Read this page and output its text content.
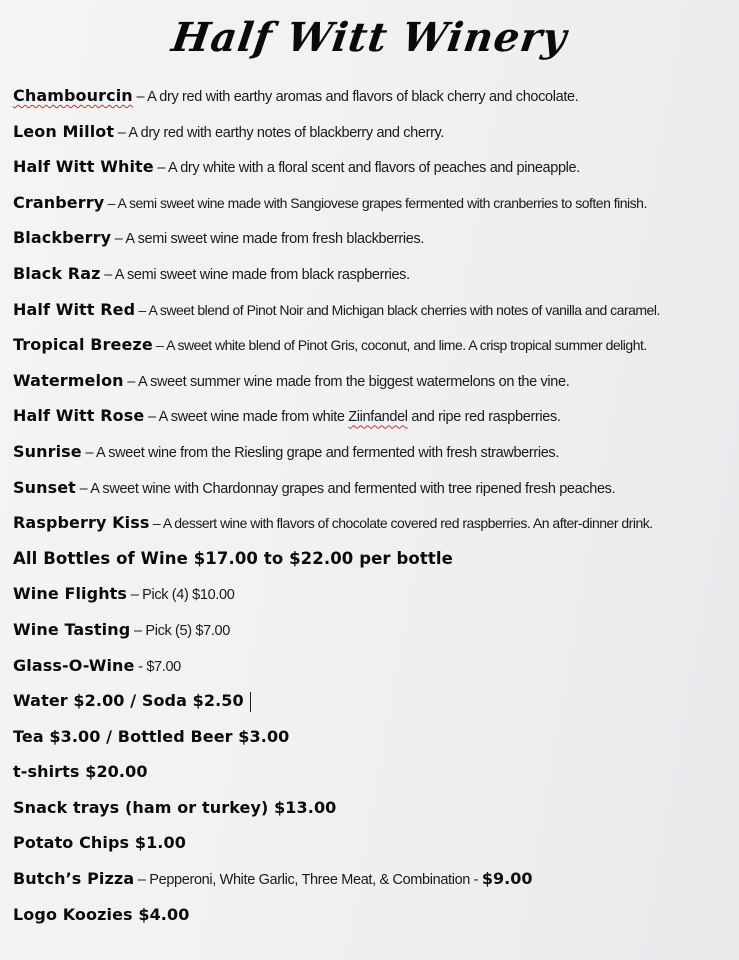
Half Witt Winery
Chambourcin – A dry red with earthy aromas and flavors of black cherry and chocolate.
Leon Millot – A dry red with earthy notes of blackberry and cherry.
Half Witt White – A dry white with a floral scent and flavors of peaches and pineapple.
Cranberry – A semi sweet wine made with Sangiovese grapes fermented with cranberries to soften finish.
Blackberry – A semi sweet wine made from fresh blackberries.
Black Raz – A semi sweet wine made from black raspberries.
Half Witt Red – A sweet blend of Pinot Noir and Michigan black cherries with notes of vanilla and caramel.
Tropical Breeze – A sweet white blend of Pinot Gris, coconut, and lime. A crisp tropical summer delight.
Watermelon – A sweet summer wine made from the biggest watermelons on the vine.
Half Witt Rose – A sweet wine made from white Ziinfandel and ripe red raspberries.
Sunrise – A sweet wine from the Riesling grape and fermented with fresh strawberries.
Sunset – A sweet wine with Chardonnay grapes and fermented with tree ripened fresh peaches.
Raspberry Kiss – A dessert wine with flavors of chocolate covered red raspberries. An after-dinner drink.
All Bottles of Wine $17.00 to $22.00 per bottle
Wine Flights – Pick (4) $10.00
Wine Tasting – Pick (5) $7.00
Glass-O-Wine - $7.00
Water $2.00 / Soda $2.50
Tea $3.00 / Bottled Beer $3.00
t-shirts $20.00
Snack trays (ham or turkey) $13.00
Potato Chips $1.00
Butch’s Pizza – Pepperoni, White Garlic, Three Meat, & Combination - $9.00
Logo Koozies $4.00
